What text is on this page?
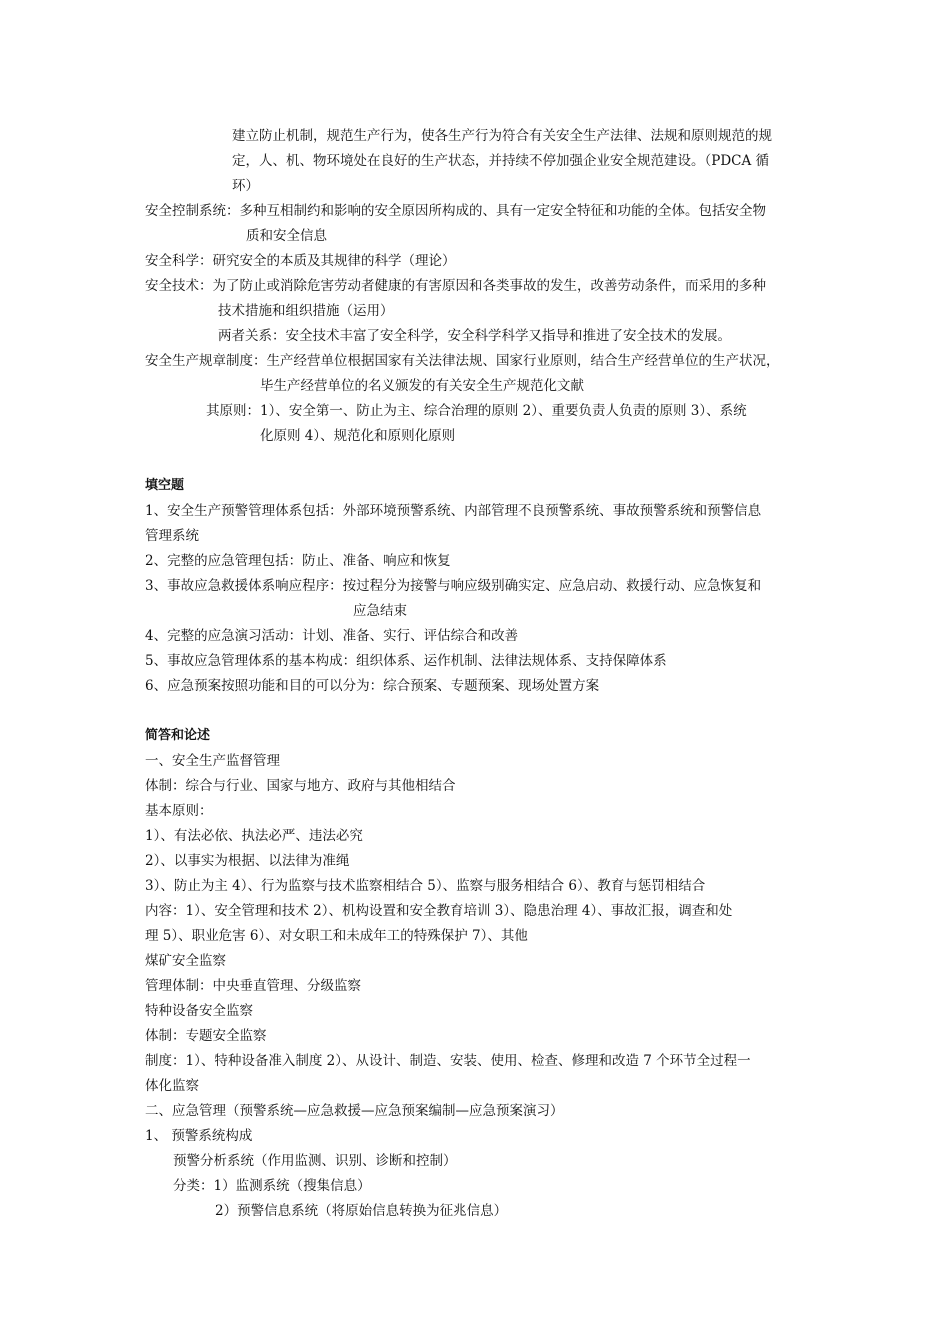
建立防止机制，规范生产行为，使各生产行为符合有关安全生产法律、法规和原则规范的规
定，人、机、物环境处在良好的生产状态，并持续不停加强企业安全规范建设。（PDCA 循
环）
安全控制系统：多种互相制约和影响的安全原因所构成的、具有一定安全特征和功能的全体。包括安全物
质和安全信息
安全科学：研究安全的本质及其规律的科学（理论）
安全技术：为了防止或消除危害劳动者健康的有害原因和各类事故的发生，改善劳动条件，而采用的多种
技术措施和组织措施（运用）
两者关系：安全技术丰富了安全科学，安全科学科学又指导和推进了安全技术的发展。
安全生产规章制度：生产经营单位根据国家有关法律法规、国家行业原则，结合生产经营单位的生产状况，
毕生产经营单位的名义颁发的有关安全生产规范化文献
其原则：1）、安全第一、防止为主、综合治理的原则 2）、重要负责人负责的原则 3）、系统
化原则 4）、规范化和原则化原则
填空题
1、安全生产预警管理体系包括：外部环境预警系统、内部管理不良预警系统、事故预警系统和预警信息
管理系统
2、完整的应急管理包括：防止、准备、响应和恢复
3、事故应急救援体系响应程序：按过程分为接警与响应级别确实定、应急启动、救援行动、应急恢复和
应急结束
4、完整的应急演习活动：计划、准备、实行、评估综合和改善
5、事故应急管理体系的基本构成：组织体系、运作机制、法律法规体系、支持保障体系
6、应急预案按照功能和目的可以分为：综合预案、专题预案、现场处置方案
简答和论述
一、安全生产监督管理
体制：综合与行业、国家与地方、政府与其他相结合
基本原则：
1）、有法必依、执法必严、违法必究
2）、以事实为根据、以法律为准绳
3）、防止为主 4）、行为监察与技术监察相结合 5）、监察与服务相结合 6）、教育与惩罚相结合
内容：1）、安全管理和技术 2）、机构设置和安全教育培训 3）、隐患治理 4）、事故汇报，调查和处
理 5）、职业危害 6）、对女职工和未成年工的特殊保护 7）、其他
煤矿安全监察
管理体制：中央垂直管理、分级监察
特种设备安全监察
体制：专题安全监察
制度：1）、特种设备准入制度 2）、从设计、制造、安装、使用、检查、修理和改造 7 个环节全过程一
体化监察
二、应急管理（预警系统—应急救援—应急预案编制—应急预案演习）
1、 预警系统构成
预警分析系统（作用监测、识别、诊断和控制）
分类：1）监测系统（搜集信息）
2）预警信息系统（将原始信息转换为征兆信息）
